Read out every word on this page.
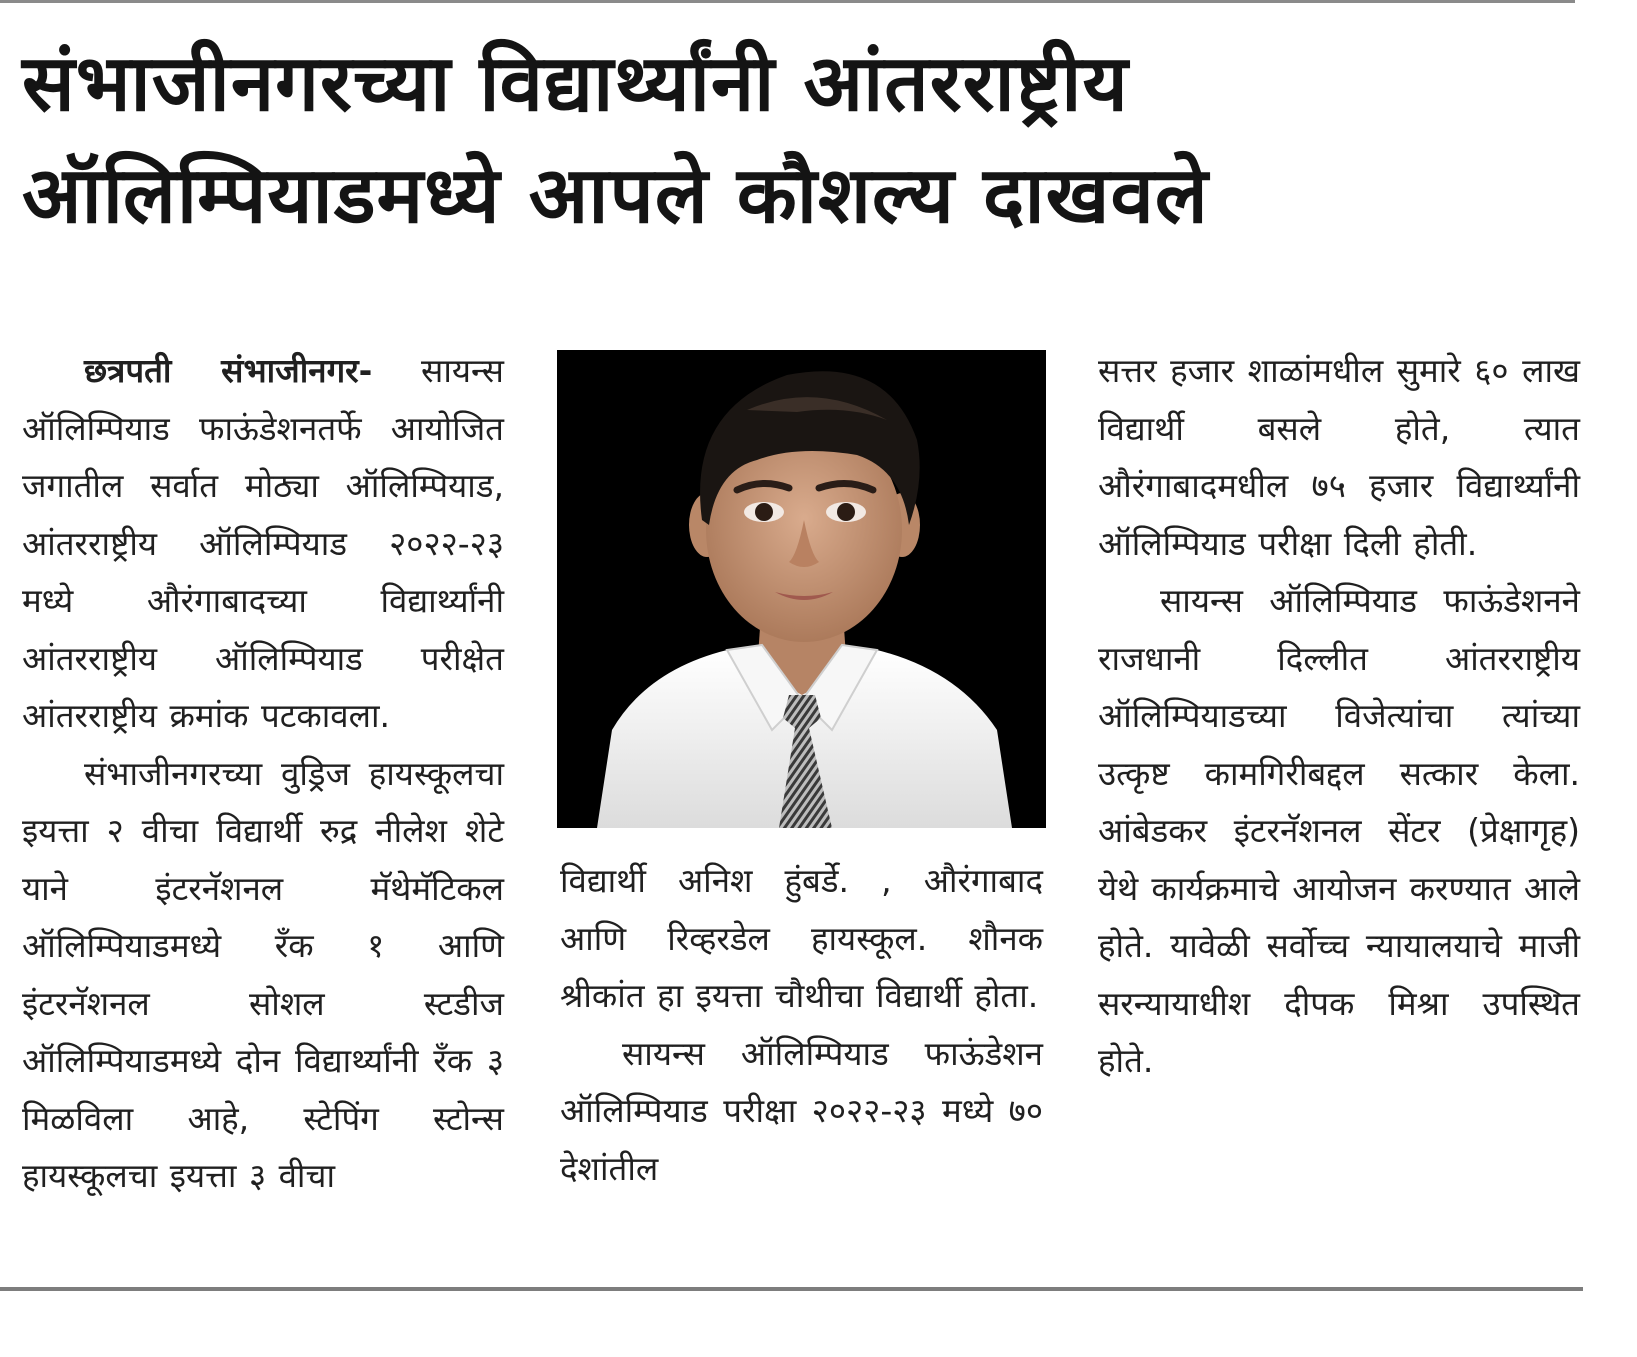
संभाजीनगरच्या विद्यार्थ्यांनी आंतरराष्ट्रीय
ऑलिम्पियाडमध्ये आपले कौशल्य दाखवले

छत्रपती संभाजीनगर- सायन्स ऑलिम्पियाड फाऊंडेशनतर्फे आयोजित जगातील सर्वात मोठ्या ऑलिम्पियाड, आंतरराष्ट्रीय ऑलिम्पियाड २०२२-२३ मध्ये औरंगाबादच्या विद्यार्थ्यांनी आंतरराष्ट्रीय ऑलिम्पियाड परीक्षेत आंतरराष्ट्रीय क्रमांक पटकावला.

संभाजीनगरच्या वुड्रिज हायस्कूलचा इयत्ता २ वीचा विद्यार्थी रुद्र नीलेश शेटे याने इंटरनॅशनल मॅथेमॅटिकल ऑलिम्पियाडमध्ये रँक १ आणि इंटरनॅशनल सोशल स्टडीज ऑलिम्पियाडमध्ये दोन विद्यार्थ्यांनी रँक ३ मिळविला आहे, स्टेपिंग स्टोन्स हायस्कूलचा इयत्ता ३ वीचा

विद्यार्थी अनिश हुंबर्डे. , औरंगाबाद आणि रिव्हरडेल हायस्कूल. शौनक श्रीकांत हा इयत्ता चौथीचा विद्यार्थी होता.

सायन्स ऑलिम्पियाड फाऊंडेशन ऑलिम्पियाड परीक्षा २०२२-२३ मध्ये ७० देशांतील

सत्तर हजार शाळांमधील सुमारे ६० लाख विद्यार्थी बसले होते, त्यात औरंगाबादमधील ७५ हजार विद्यार्थ्यांनी ऑलिम्पियाड परीक्षा दिली होती.

सायन्स ऑलिम्पियाड फाऊंडेशनने राजधानी दिल्लीत आंतरराष्ट्रीय ऑलिम्पियाडच्या विजेत्यांचा त्यांच्या उत्कृष्ट कामगिरीबद्दल सत्कार केला. आंबेडकर इंटरनॅशनल सेंटर (प्रेक्षागृह) येथे कार्यक्रमाचे आयोजन करण्यात आले होते. यावेळी सर्वोच्च न्यायालयाचे माजी सरन्यायाधीश दीपक मिश्रा उपस्थित होते.
